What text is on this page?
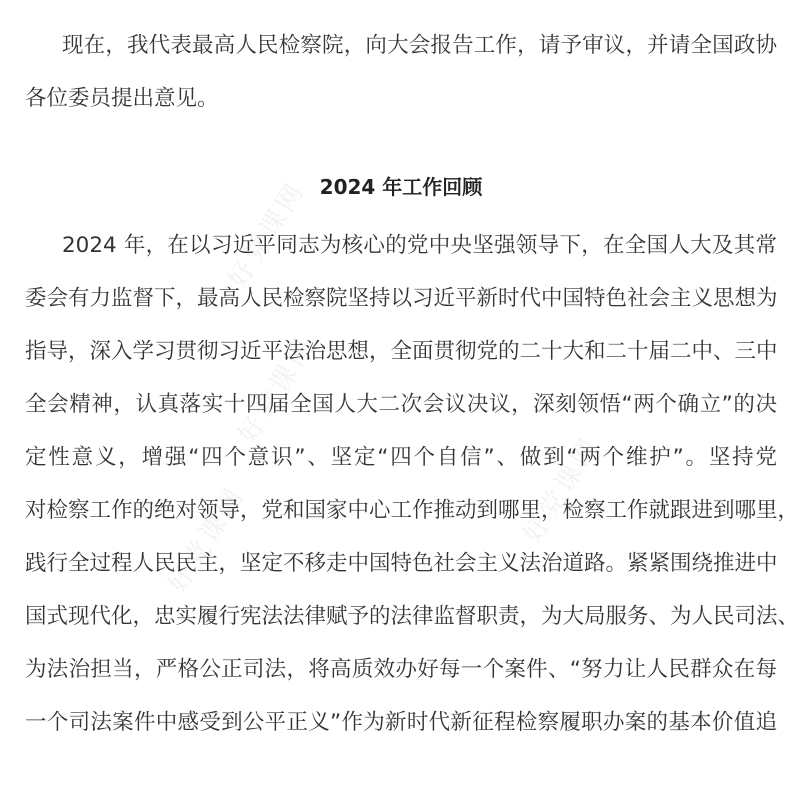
好党课网
好党课网
好党课网	好党课网
现在，我代表最高人民检察院，向大会报告工作，请予审议，并请全国政协
各位委员提出意见。
2024 年工作回顾
2024 年，在以习近平同志为核心的党中央坚强领导下，在全国人大及其常
委会有力监督下，最高人民检察院坚持以习近平新时代中国特色社会主义思想为
指导，深入学习贯彻习近平法治思想，全面贯彻党的二十大和二十届二中、三中
全会精神，认真落实十四届全国人大二次会议决议，深刻领悟“两个确立”的决
定性意义，增强“四个意识”、坚定“四个自信”、做到“两个维护”。坚持党
对检察工作的绝对领导，党和国家中心工作推动到哪里，检察工作就跟进到哪里，
践行全过程人民民主，坚定不移走中国特色社会主义法治道路。紧紧围绕推进中
国式现代化，忠实履行宪法法律赋予的法律监督职责，为大局服务、为人民司法、
为法治担当，严格公正司法，将高质效办好每一个案件、“努力让人民群众在每
一个司法案件中感受到公平正义”作为新时代新征程检察履职办案的基本价值追
